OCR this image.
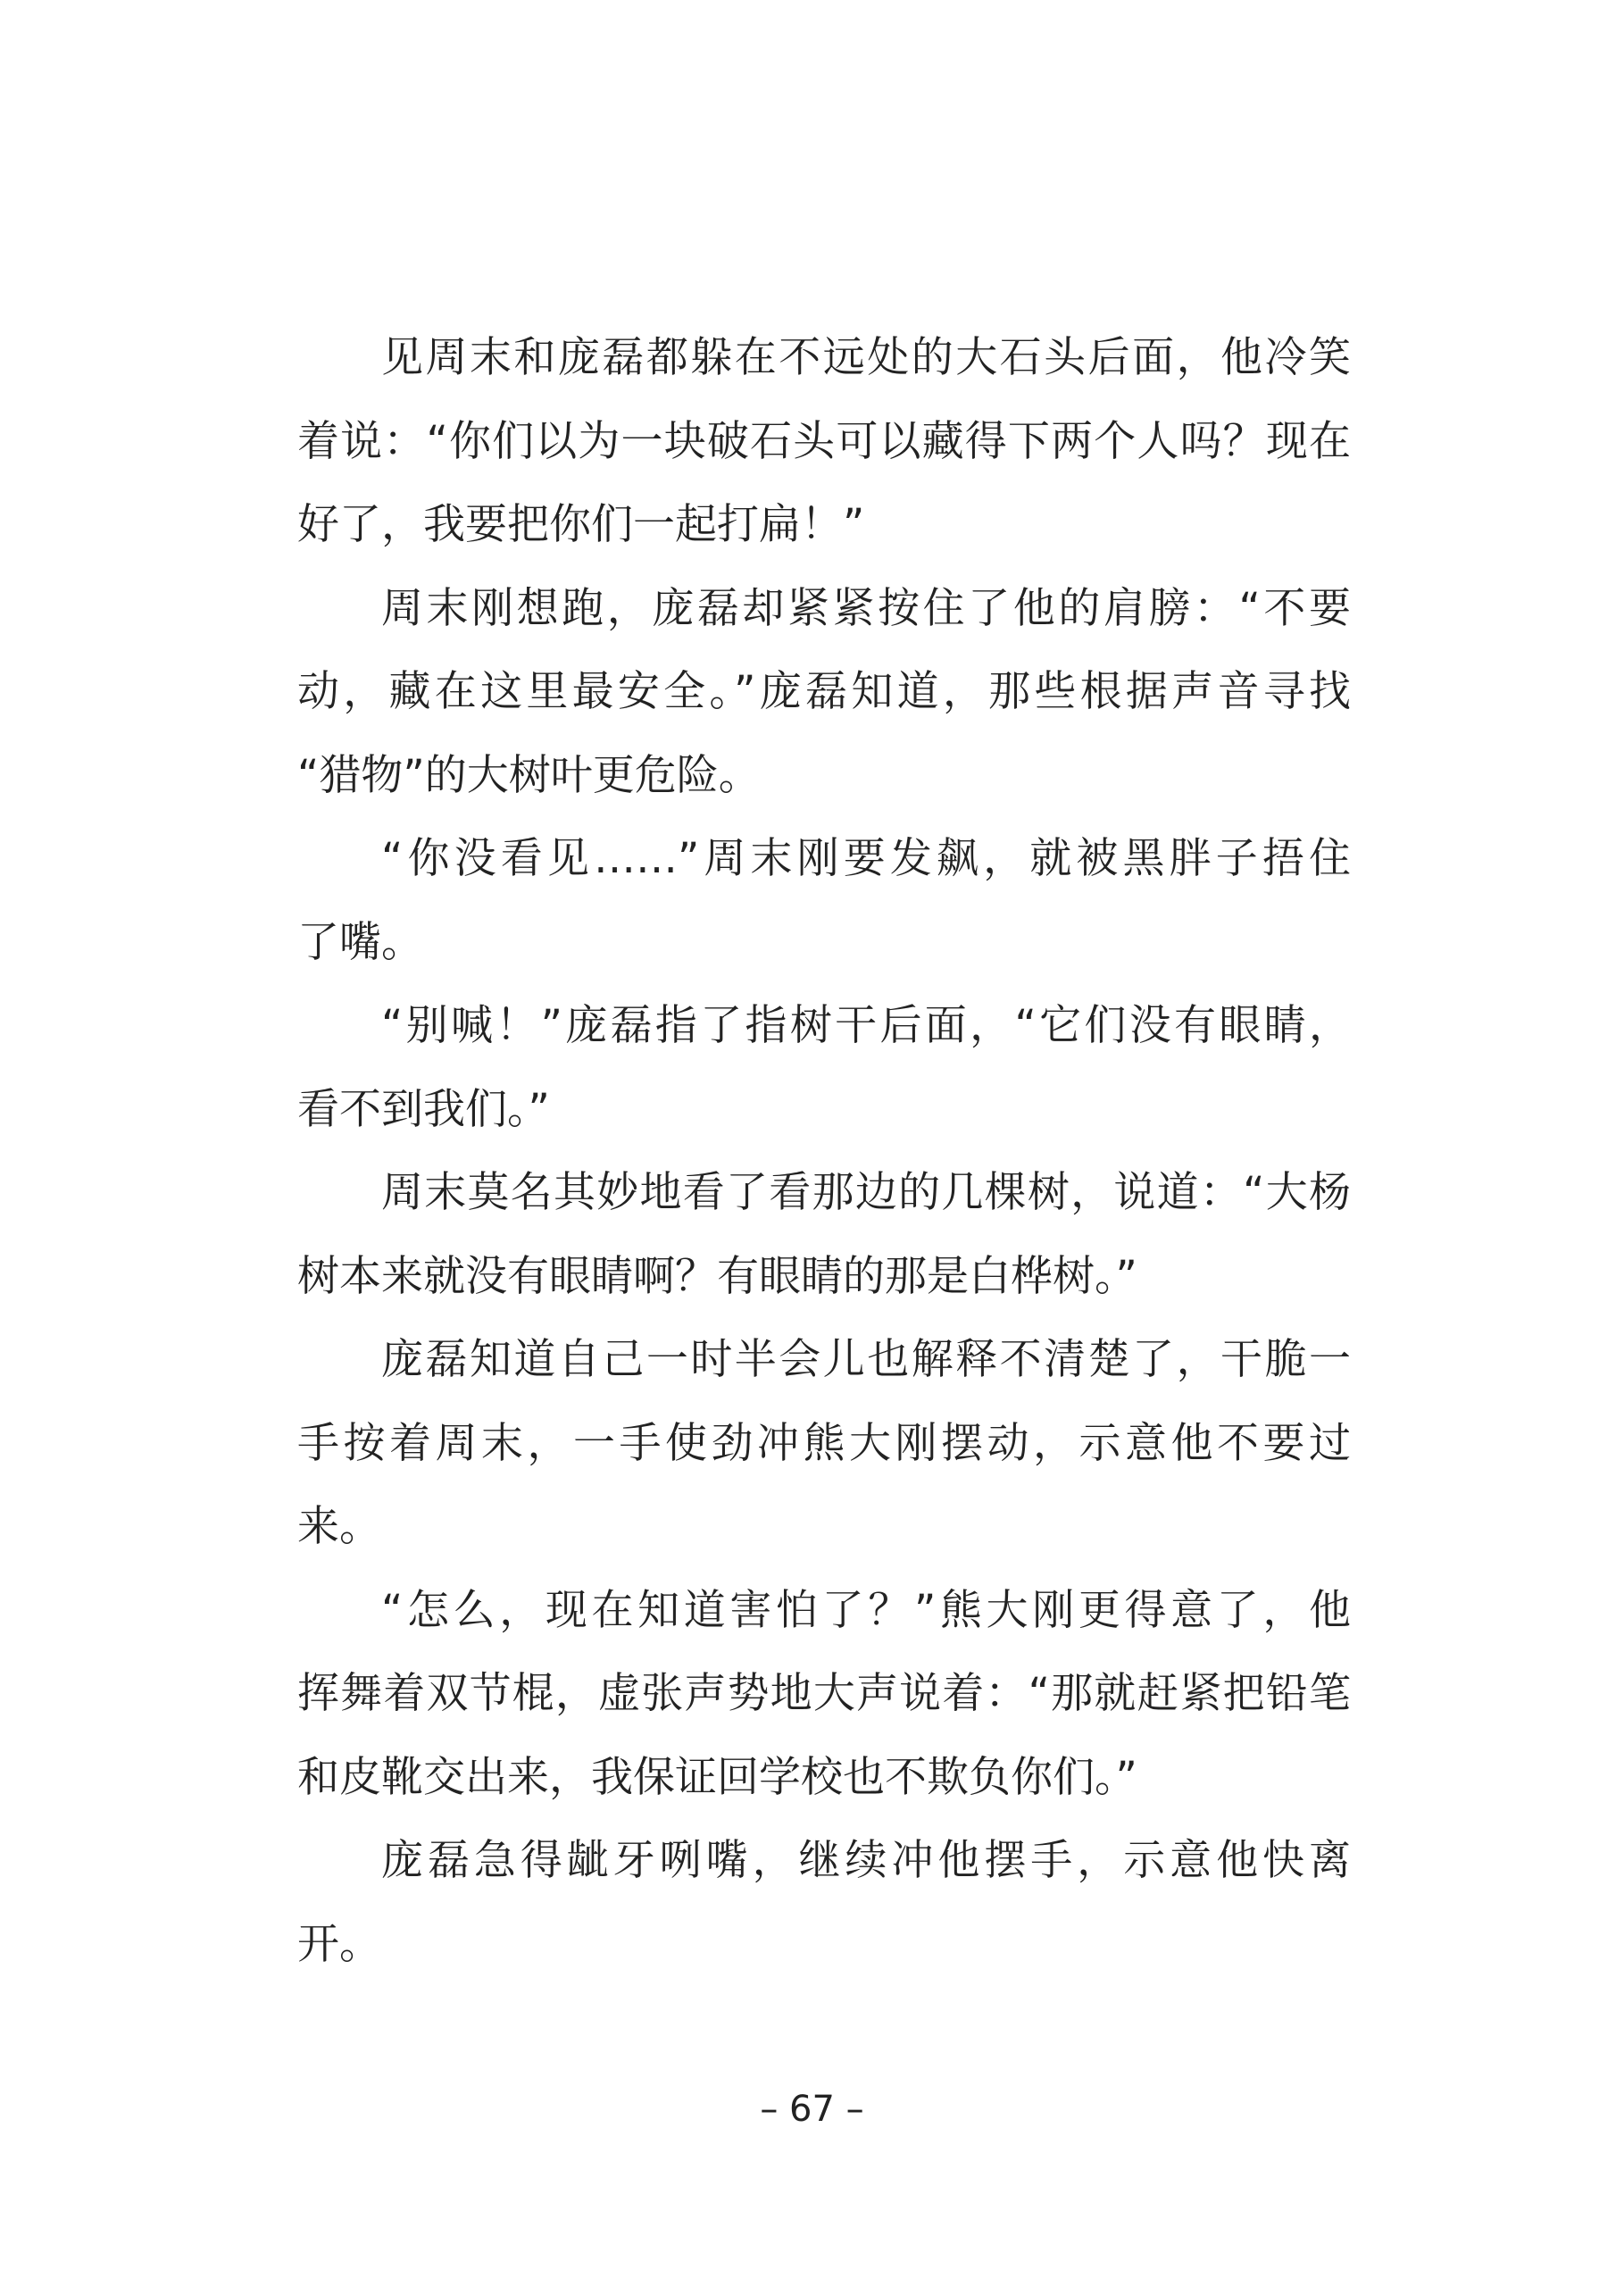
见周末和庞磊都躲在不远处的大石头后面，他冷笑
着说：“你们以为一块破石头可以藏得下两个人吗？现在
好了，我要把你们一起打扁！”
周末刚想跑，庞磊却紧紧按住了他的肩膀：“不要
动，藏在这里最安全。”庞磊知道，那些根据声音寻找
“猎物”的大树叶更危险。
“你没看见……”周末刚要发飙，就被黑胖子捂住
了嘴。
“别喊！”庞磊指了指树干后面，“它们没有眼睛，
看不到我们。”
周末莫名其妙地看了看那边的几棵树，说道：“大杨
树本来就没有眼睛啊？有眼睛的那是白桦树。”
庞磊知道自己一时半会儿也解释不清楚了，干脆一
手按着周末，一手使劲冲熊大刚摆动，示意他不要过
来。
“怎么，现在知道害怕了？”熊大刚更得意了，他
挥舞着双节棍，虚张声势地大声说着：“那就赶紧把铅笔
和皮靴交出来，我保证回学校也不欺负你们。”
庞磊急得龇牙咧嘴，继续冲他摆手，示意他快离
开。
– 67 –
